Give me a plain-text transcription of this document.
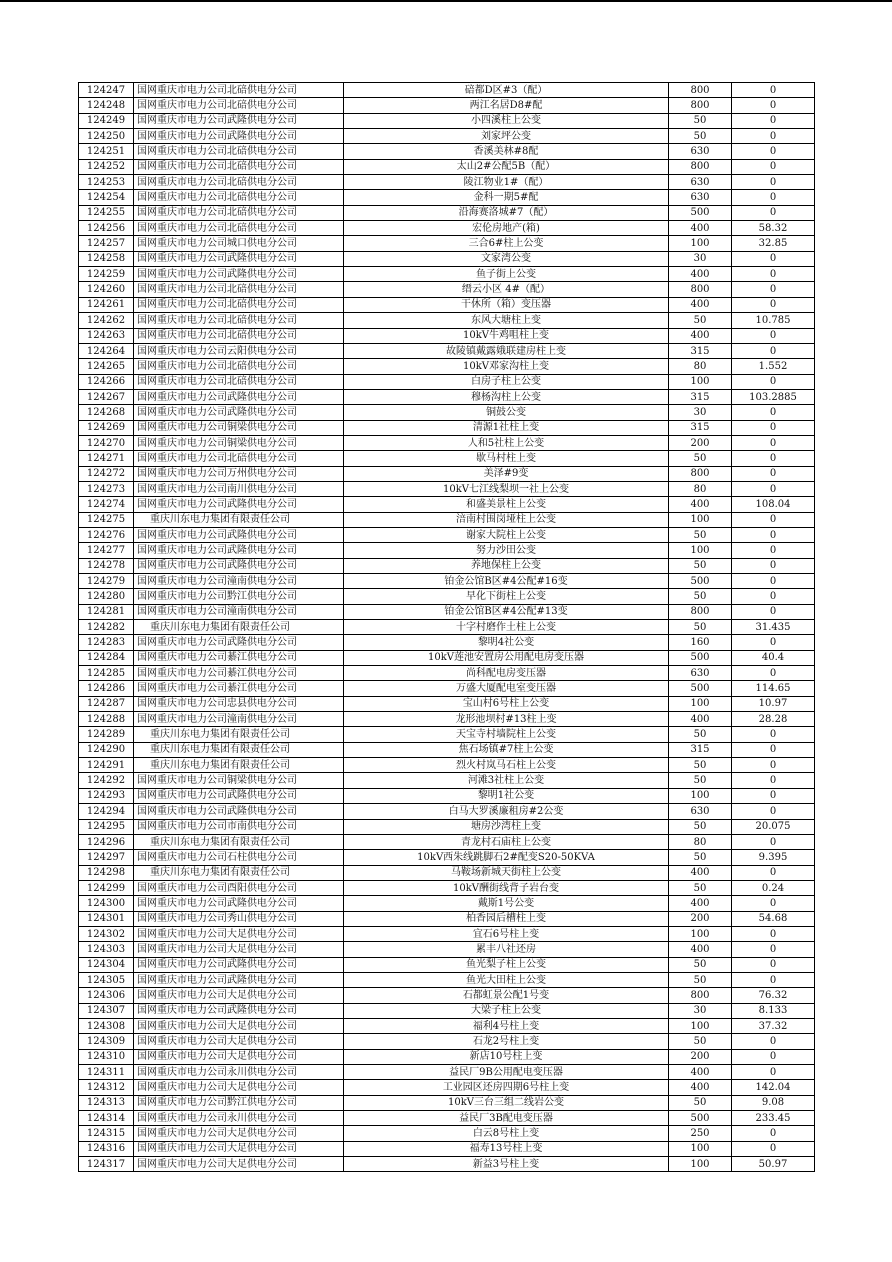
124247	国网重庆市电力公司北碚供电分公司	碚都D区#3（配）	800	0
124248	国网重庆市电力公司北碚供电分公司	两江名居D8#配	800	0
124249	国网重庆市电力公司武隆供电分公司	小四溪柱上公变	50	0
124250	国网重庆市电力公司武隆供电分公司	刘家坪公变	50	0
124251	国网重庆市电力公司北碚供电分公司	香溪美林#8配	630	0
124252	国网重庆市电力公司北碚供电分公司	太山2#公配5B（配）	800	0
124253	国网重庆市电力公司北碚供电分公司	陵江物业1#（配）	630	0
124254	国网重庆市电力公司北碚供电分公司	金科一期5#配	630	0
124255	国网重庆市电力公司北碚供电分公司	沿海赛洛城#7（配）	500	0
124256	国网重庆市电力公司北碚供电分公司	宏伦房地产(箱)	400	58.32
124257	国网重庆市电力公司城口供电分公司	三合6#柱上公变	100	32.85
124258	国网重庆市电力公司武隆供电分公司	文家湾公变	30	0
124259	国网重庆市电力公司武隆供电分公司	鱼子街上公变	400	0
124260	国网重庆市电力公司北碚供电分公司	缙云小区 4#（配）	800	0
124261	国网重庆市电力公司北碚供电分公司	干休所（箱）变压器	400	0
124262	国网重庆市电力公司北碚供电分公司	东风大塘柱上变	50	10.785
124263	国网重庆市电力公司北碚供电分公司	10kV牛鸡咀柱上变	400	0
124264	国网重庆市电力公司云阳供电分公司	故陵镇戴露娥联建房柱上变	315	0
124265	国网重庆市电力公司北碚供电分公司	10kV邓家沟柱上变	80	1.552
124266	国网重庆市电力公司北碚供电分公司	白房子柱上公变	100	0
124267	国网重庆市电力公司武隆供电分公司	穆杨沟柱上公变	315	103.2885
124268	国网重庆市电力公司武隆供电分公司	铜鼓公变	30	0
124269	国网重庆市电力公司铜梁供电分公司	清源1社柱上变	315	0
124270	国网重庆市电力公司铜梁供电分公司	人和5社柱上公变	200	0
124271	国网重庆市电力公司北碚供电分公司	歇马村柱上变	50	0
124272	国网重庆市电力公司万州供电分公司	美泽#9变	800	0
124273	国网重庆市电力公司南川供电分公司	10kV七江线梨坝一社上公变	80	0
124274	国网重庆市电力公司武隆供电分公司	和盛美景柱上公变	400	108.04
124275	重庆川东电力集团有限责任公司	涪南村围岗垭柱上公变	100	0
124276	国网重庆市电力公司武隆供电分公司	谢家大院柱上公变	50	0
124277	国网重庆市电力公司武隆供电分公司	努力沙田公变	100	0
124278	国网重庆市电力公司武隆供电分公司	养地保柱上公变	50	0
124279	国网重庆市电力公司潼南供电分公司	铂金公馆B区#4公配#16变	500	0
124280	国网重庆市电力公司黔江供电分公司	早化下街柱上公变	50	0
124281	国网重庆市电力公司潼南供电分公司	铂金公馆B区#4公配#13变	800	0
124282	重庆川东电力集团有限责任公司	十字村磨作土柱上公变	50	31.435
124283	国网重庆市电力公司武隆供电分公司	黎明4社公变	160	0
124284	国网重庆市电力公司綦江供电分公司	10kV莲池安置房公用配电房变压器	500	40.4
124285	国网重庆市电力公司綦江供电分公司	尚科配电房变压器	630	0
124286	国网重庆市电力公司綦江供电分公司	万盛大厦配电室变压器	500	114.65
124287	国网重庆市电力公司忠县供电分公司	宝山村6号柱上公变	100	10.97
124288	国网重庆市电力公司潼南供电分公司	龙形池坝村#13柱上变	400	28.28
124289	重庆川东电力集团有限责任公司	天宝寺村墙院柱上公变	50	0
124290	重庆川东电力集团有限责任公司	焦石场镇#7柱上公变	315	0
124291	重庆川东电力集团有限责任公司	烈火村岚马石柱上公变	50	0
124292	国网重庆市电力公司铜梁供电分公司	河滩3社柱上公变	50	0
124293	国网重庆市电力公司武隆供电分公司	黎明1社公变	100	0
124294	国网重庆市电力公司武隆供电分公司	白马大罗溪廉租房#2公变	630	0
124295	国网重庆市电力公司市南供电分公司	塘房沙湾柱上变	50	20.075
124296	重庆川东电力集团有限责任公司	青龙村石庙柱上公变	80	0
124297	国网重庆市电力公司石柱供电分公司	10kV西朱线跳脚石2#配变S20-50KVA	50	9.395
124298	重庆川东电力集团有限责任公司	马鞍场新城天街柱上公变	400	0
124299	国网重庆市电力公司酉阳供电分公司	10kV酬街线背子岩台变	50	0.24
124300	国网重庆市电力公司武隆供电分公司	戴斯1号公变	400	0
124301	国网重庆市电力公司秀山供电分公司	柏香园后槽柱上变	200	54.68
124302	国网重庆市电力公司大足供电分公司	宜石6号柱上变	100	0
124303	国网重庆市电力公司大足供电分公司	累丰八社还房	400	0
124304	国网重庆市电力公司武隆供电分公司	鱼光梨子柱上公变	50	0
124305	国网重庆市电力公司武隆供电分公司	鱼光大田柱上公变	50	0
124306	国网重庆市电力公司大足供电分公司	石都虹景公配1号变	800	76.32
124307	国网重庆市电力公司武隆供电分公司	大梁子柱上公变	30	8.133
124308	国网重庆市电力公司大足供电分公司	福利4号柱上变	100	37.32
124309	国网重庆市电力公司大足供电分公司	石龙2号柱上变	50	0
124310	国网重庆市电力公司大足供电分公司	新店10号柱上变	200	0
124311	国网重庆市电力公司永川供电分公司	益民厂9B公用配电变压器	400	0
124312	国网重庆市电力公司大足供电分公司	工业园区还房四期6号柱上变	400	142.04
124313	国网重庆市电力公司黔江供电分公司	10kV三台三组二线岩公变	50	9.08
124314	国网重庆市电力公司永川供电分公司	益民厂3B配电变压器	500	233.45
124315	国网重庆市电力公司大足供电分公司	白云8号柱上变	250	0
124316	国网重庆市电力公司大足供电分公司	福寿13号柱上变	100	0
124317	国网重庆市电力公司大足供电分公司	新益3号柱上变	100	50.97
